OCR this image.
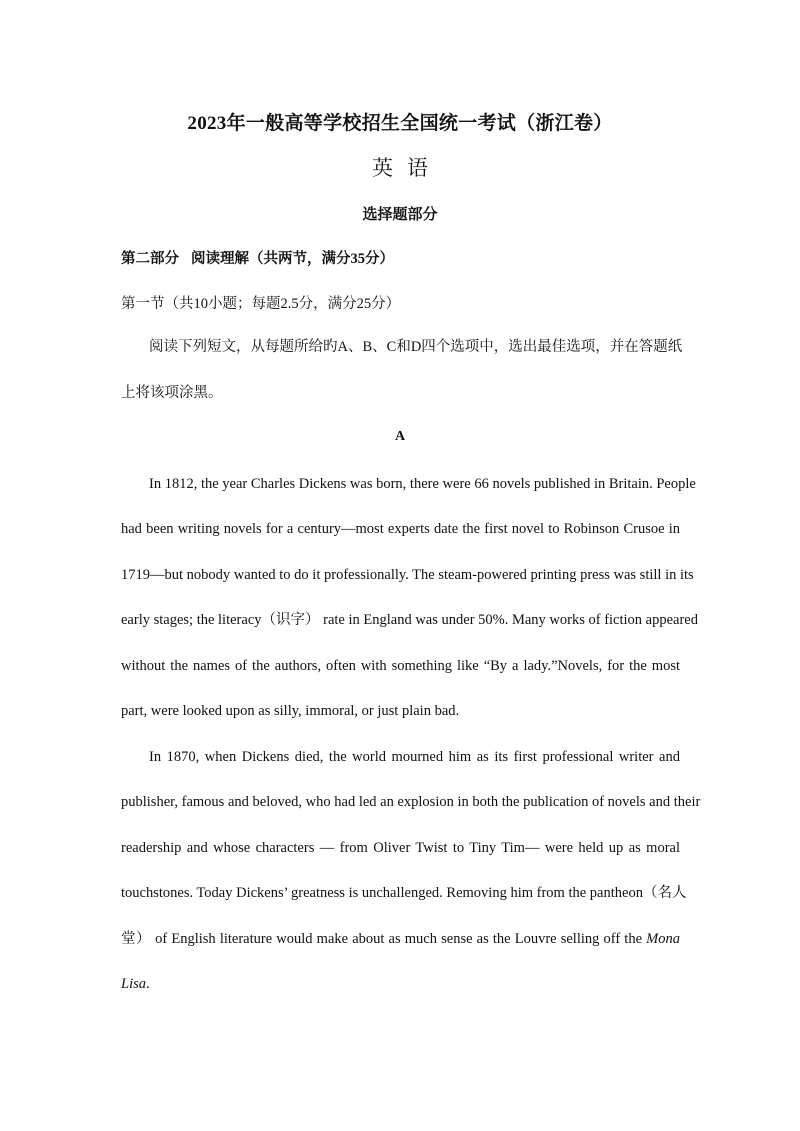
2023年一般高等学校招生全国统一考试（浙江卷）
英语
选择题部分
第二部分 阅读理解（共两节，满分35分）
第一节（共10小题；每题2.5分，满分25分）
阅读下列短文，从每题所给旳A、B、C和D四个选项中，选出最佳选项，并在答题纸
上将该项涂黑。
A
In 1812, the year Charles Dickens was born, there were 66 novels published in Britain. People
had been writing novels for a century—most experts date the first novel to Robinson Crusoe in
1719—but nobody wanted to do it professionally. The steam-powered printing press was still in its
early stages; the literacy（识字） rate in England was under 50%. Many works of fiction appeared
without the names of the authors, often with something like “By a lady.”Novels, for the most
part, were looked upon as silly, immoral, or just plain bad.
In 1870, when Dickens died, the world mourned him as its first professional writer and
publisher, famous and beloved, who had led an explosion in both the publication of novels and their
readership and whose characters — from Oliver Twist to Tiny Tim— were held up as moral
touchstones. Today Dickens’ greatness is unchallenged. Removing him from the pantheon（名人
堂） of English literature would make about as much sense as the Louvre selling off the Mona
Lisa.
